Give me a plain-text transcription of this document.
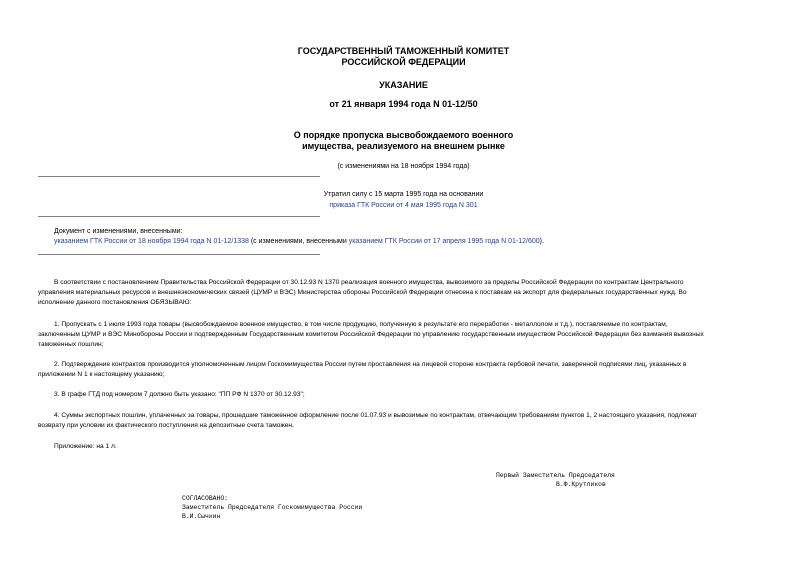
ГОСУДАРСТВЕННЫЙ ТАМОЖЕННЫЙ КОМИТЕТ
РОССИЙСКОЙ ФЕДЕРАЦИИ
УКАЗАНИЕ
от 21 января 1994 года N 01-12/50
О порядке пропуска высвобождаемого военного
имущества, реализуемого на внешнем рынке
(с изменениями на 18 ноября 1994 года)
Утратил силу с 15 марта 1995 года на основании
приказа ГТК России от 4 мая 1995 года N 301
Документ с изменениями, внесенными:
указанием ГТК России от 18 ноября 1994 года N 01-12/1338 (с изменениями, внесенными указанием ГТК России от 17 апреля 1995 года N 01-12/600).
В соответствии с постановлением Правительства Российской Федерации от 30.12.93 N 1370 реализация военного имущества, вывозимого за пределы Российской Федерации по контрактам Центрального
управления материальных ресурсов и внешнеэкономических связей (ЦУМР и ВЭС) Министерства обороны Российской Федерации отнесена к поставкам на экспорт для федеральных государственных нужд. Во
исполнение данного постановления ОБЯЗЫВАЮ:
1. Пропускать с 1 июля 1993 года товары (высвобождаемое военное имущество, в том числе продукцию, полученную в результате его переработки - металлолом и т.д.), поставляемые по контрактам,
заключенным ЦУМР и ВЭС Минобороны России и подтвержденным Государственным комитетом Российской Федерации по управлению государственным имуществом Российской Федерации без взимания вывозных
таможенных пошлин;
2. Подтверждение контрактов производится уполномоченным лицом Госкомимущества России путем проставления на лицевой стороне контракта гербовой печати, заверенной подписями лиц, указанных в
приложении N 1 к настоящему указанию;
3. В графе ГТД под номером 7 должно быть указано: "ПП РФ N 1370 от 30.12.93";
4. Суммы экспортных пошлин, уплаченных за товары, прошедшие таможенное оформление после 01.07.93 и вывозимые по контрактам, отвечающим требованиям пунктов 1, 2 настоящего указания, подлежат
возврату при условии их фактического поступления на депозитные счета таможен.
Приложение: на 1 л.
Первый Заместитель Председателя
В.Ф.Крутликов
СОГЛАСОВАНО:
Заместитель Председателя Госкомимущества России
В.И.Сычкин
